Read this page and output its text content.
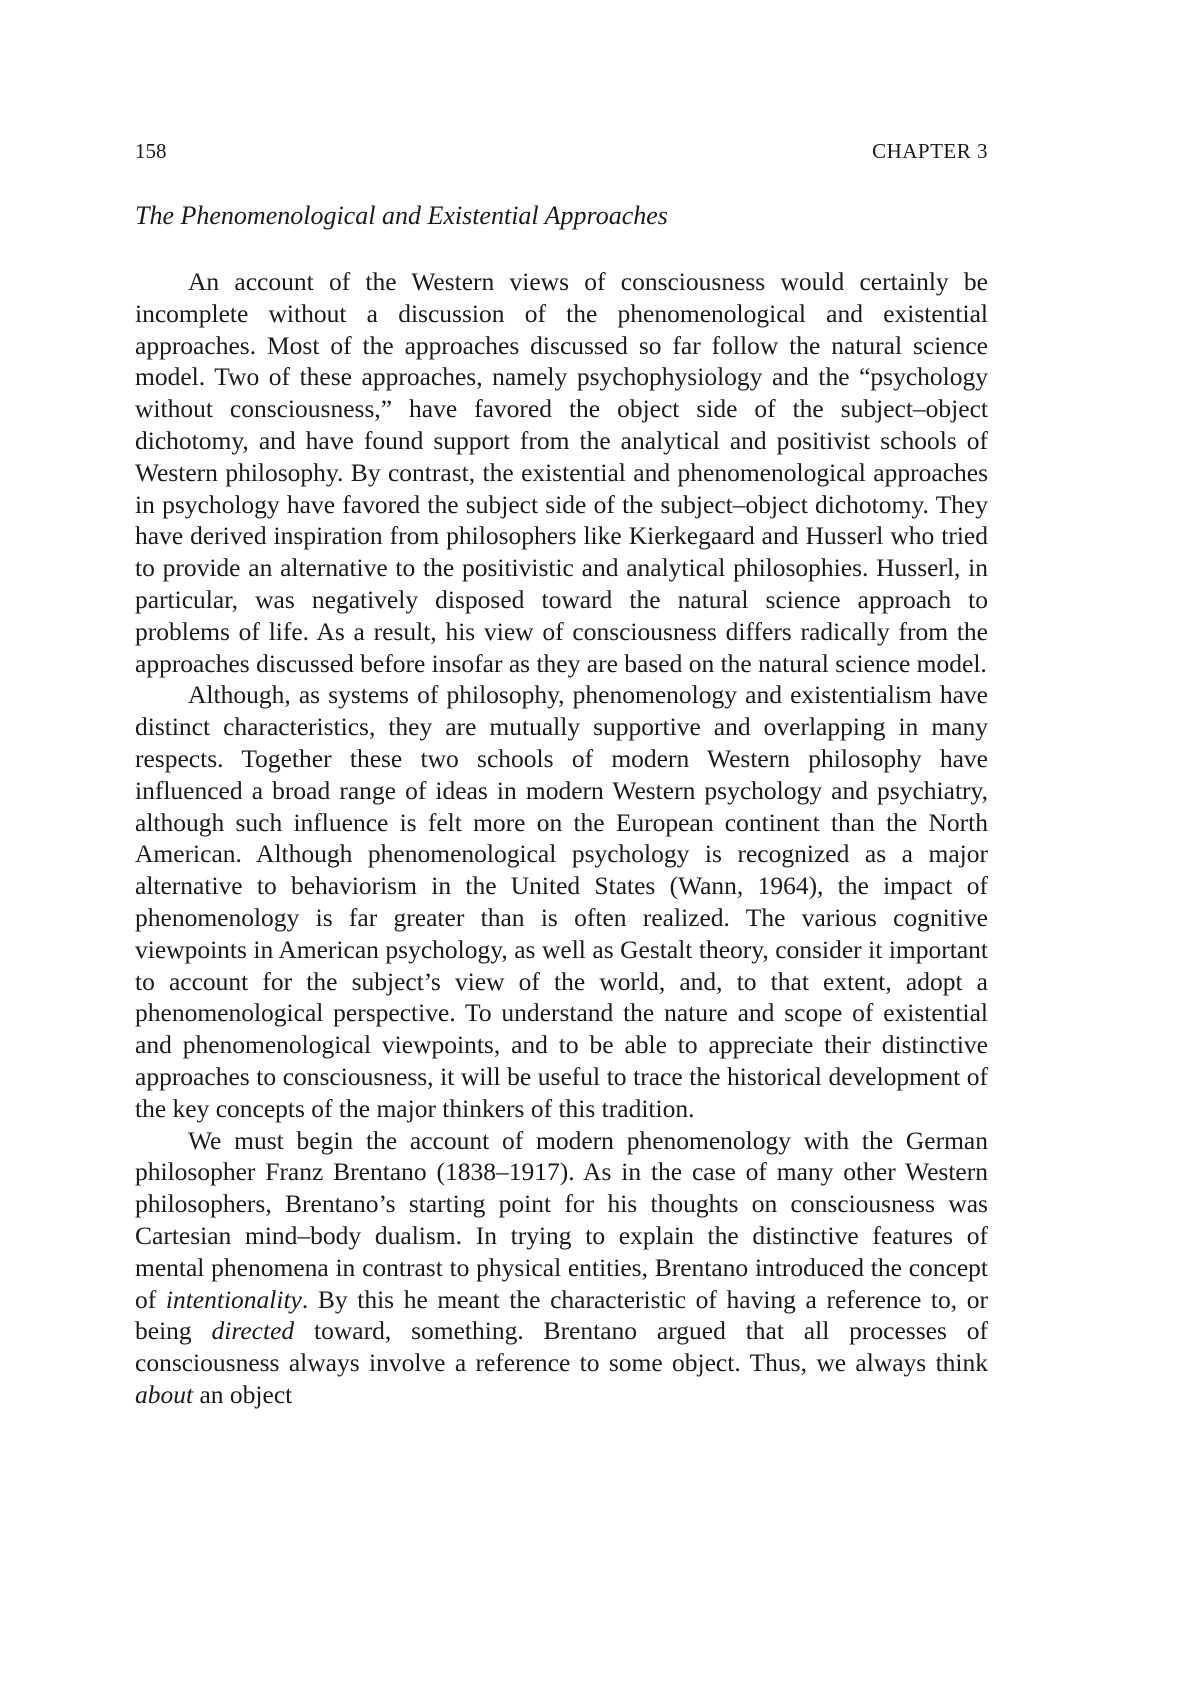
158	CHAPTER 3
The Phenomenological and Existential Approaches

An account of the Western views of consciousness would certainly be incomplete without a discussion of the phenomenological and existential approaches. Most of the approaches discussed so far follow the natural science model. Two of these approaches, namely psychophysiology and the “psychology without consciousness,” have favored the object side of the subject–object dichotomy, and have found support from the analytical and positivist schools of Western philosophy. By contrast, the existential and phenomenological approaches in psychology have favored the subject side of the subject–object dichotomy. They have derived inspiration from philosophers like Kierkegaard and Husserl who tried to provide an alternative to the positivistic and analytical philosophies. Husserl, in particular, was negatively disposed toward the natural science approach to problems of life. As a result, his view of consciousness differs radically from the approaches discussed before insofar as they are based on the natural science model.

Although, as systems of philosophy, phenomenology and existentialism have distinct characteristics, they are mutually supportive and overlapping in many respects. Together these two schools of modern Western philosophy have influenced a broad range of ideas in modern Western psychology and psychiatry, although such influence is felt more on the European continent than the North American. Although phenomenological psychology is recognized as a major alternative to behaviorism in the United States (Wann, 1964), the impact of phenomenology is far greater than is often realized. The various cognitive viewpoints in American psychology, as well as Gestalt theory, consider it important to account for the subject’s view of the world, and, to that extent, adopt a phenomenological perspective. To understand the nature and scope of existential and phenomenological viewpoints, and to be able to appreciate their distinctive approaches to consciousness, it will be useful to trace the historical development of the key concepts of the major thinkers of this tradition.

We must begin the account of modern phenomenology with the German philosopher Franz Brentano (1838–1917). As in the case of many other Western philosophers, Brentano’s starting point for his thoughts on consciousness was Cartesian mind–body dualism. In trying to explain the distinctive features of mental phenomena in contrast to physical entities, Brentano introduced the concept of intentionality. By this he meant the characteristic of having a reference to, or being directed toward, something. Brentano argued that all processes of consciousness always involve a reference to some object. Thus, we always think about an object
